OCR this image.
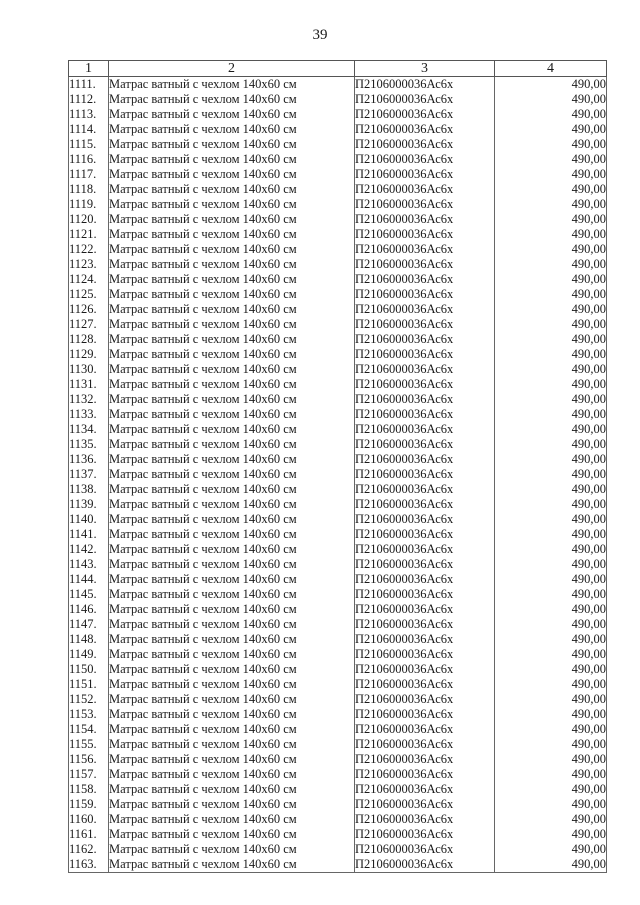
39
1	2	3	4
1111.	Матрас ватный с чехлом 140х60 см	П2106000036Ас6х	490,00
1112.	Матрас ватный с чехлом 140х60 см	П2106000036Ас6х	490,00
1113.	Матрас ватный с чехлом 140х60 см	П2106000036Ас6х	490,00
1114.	Матрас ватный с чехлом 140х60 см	П2106000036Ас6х	490,00
1115.	Матрас ватный с чехлом 140х60 см	П2106000036Ас6х	490,00
1116.	Матрас ватный с чехлом 140х60 см	П2106000036Ас6х	490,00
1117.	Матрас ватный с чехлом 140х60 см	П2106000036Ас6х	490,00
1118.	Матрас ватный с чехлом 140х60 см	П2106000036Ас6х	490,00
1119.	Матрас ватный с чехлом 140х60 см	П2106000036Ас6х	490,00
1120.	Матрас ватный с чехлом 140х60 см	П2106000036Ас6х	490,00
1121.	Матрас ватный с чехлом 140х60 см	П2106000036Ас6х	490,00
1122.	Матрас ватный с чехлом 140х60 см	П2106000036Ас6х	490,00
1123.	Матрас ватный с чехлом 140х60 см	П2106000036Ас6х	490,00
1124.	Матрас ватный с чехлом 140х60 см	П2106000036Ас6х	490,00
1125.	Матрас ватный с чехлом 140х60 см	П2106000036Ас6х	490,00
1126.	Матрас ватный с чехлом 140х60 см	П2106000036Ас6х	490,00
1127.	Матрас ватный с чехлом 140х60 см	П2106000036Ас6х	490,00
1128.	Матрас ватный с чехлом 140х60 см	П2106000036Ас6х	490,00
1129.	Матрас ватный с чехлом 140х60 см	П2106000036Ас6х	490,00
1130.	Матрас ватный с чехлом 140х60 см	П2106000036Ас6х	490,00
1131.	Матрас ватный с чехлом 140х60 см	П2106000036Ас6х	490,00
1132.	Матрас ватный с чехлом 140х60 см	П2106000036Ас6х	490,00
1133.	Матрас ватный с чехлом 140х60 см	П2106000036Ас6х	490,00
1134.	Матрас ватный с чехлом 140х60 см	П2106000036Ас6х	490,00
1135.	Матрас ватный с чехлом 140х60 см	П2106000036Ас6х	490,00
1136.	Матрас ватный с чехлом 140х60 см	П2106000036Ас6х	490,00
1137.	Матрас ватный с чехлом 140х60 см	П2106000036Ас6х	490,00
1138.	Матрас ватный с чехлом 140х60 см	П2106000036Ас6х	490,00
1139.	Матрас ватный с чехлом 140х60 см	П2106000036Ас6х	490,00
1140.	Матрас ватный с чехлом 140х60 см	П2106000036Ас6х	490,00
1141.	Матрас ватный с чехлом 140х60 см	П2106000036Ас6х	490,00
1142.	Матрас ватный с чехлом 140х60 см	П2106000036Ас6х	490,00
1143.	Матрас ватный с чехлом 140х60 см	П2106000036Ас6х	490,00
1144.	Матрас ватный с чехлом 140х60 см	П2106000036Ас6х	490,00
1145.	Матрас ватный с чехлом 140х60 см	П2106000036Ас6х	490,00
1146.	Матрас ватный с чехлом 140х60 см	П2106000036Ас6х	490,00
1147.	Матрас ватный с чехлом 140х60 см	П2106000036Ас6х	490,00
1148.	Матрас ватный с чехлом 140х60 см	П2106000036Ас6х	490,00
1149.	Матрас ватный с чехлом 140х60 см	П2106000036Ас6х	490,00
1150.	Матрас ватный с чехлом 140х60 см	П2106000036Ас6х	490,00
1151.	Матрас ватный с чехлом 140х60 см	П2106000036Ас6х	490,00
1152.	Матрас ватный с чехлом 140х60 см	П2106000036Ас6х	490,00
1153.	Матрас ватный с чехлом 140х60 см	П2106000036Ас6х	490,00
1154.	Матрас ватный с чехлом 140х60 см	П2106000036Ас6х	490,00
1155.	Матрас ватный с чехлом 140х60 см	П2106000036Ас6х	490,00
1156.	Матрас ватный с чехлом 140х60 см	П2106000036Ас6х	490,00
1157.	Матрас ватный с чехлом 140х60 см	П2106000036Ас6х	490,00
1158.	Матрас ватный с чехлом 140х60 см	П2106000036Ас6х	490,00
1159.	Матрас ватный с чехлом 140х60 см	П2106000036Ас6х	490,00
1160.	Матрас ватный с чехлом 140х60 см	П2106000036Ас6х	490,00
1161.	Матрас ватный с чехлом 140х60 см	П2106000036Ас6х	490,00
1162.	Матрас ватный с чехлом 140х60 см	П2106000036Ас6х	490,00
1163.	Матрас ватный с чехлом 140х60 см	П2106000036Ас6х	490,00
